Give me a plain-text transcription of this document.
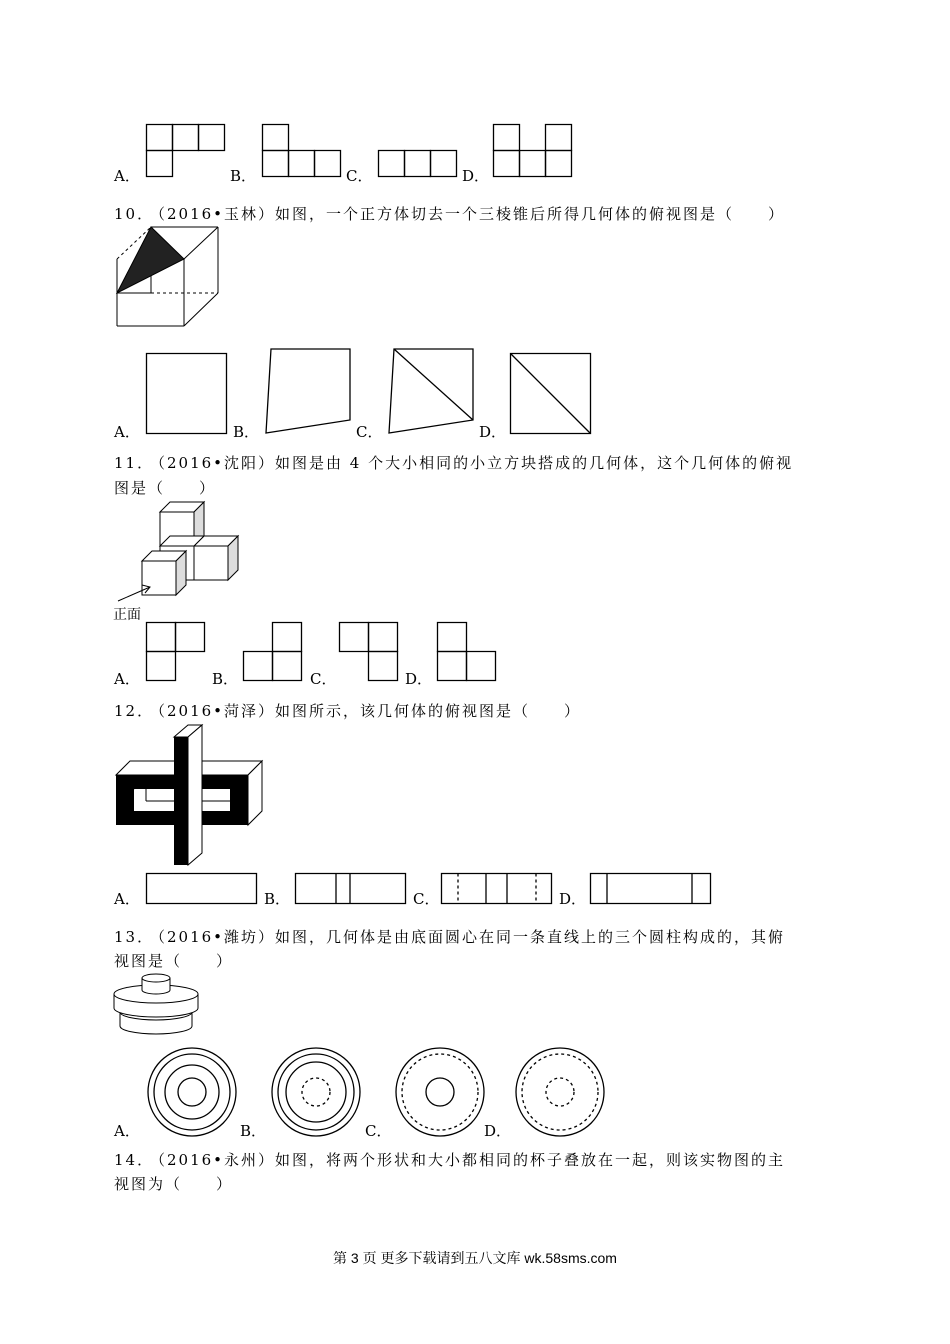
A．	B．	C．	D．
10．
（2016•玉林）如图，一个正方体切去一个三棱锥后所得几何体的俯视图是（　　）
A．	B．	C．	D．
11．
（2016•沈阳）如图是由 4 个大小相同的小立方块搭成的几何体，这个几何体的俯视
图是（　　）
正面
A．	B．	C．	D．
12．
（2016•菏泽）如图所示，该几何体的俯视图是（　　）
A．	B．	C．	D．
13．
（2016•潍坊）如图，几何体是由底面圆心在同一条直线上的三个圆柱构成的，其俯
视图是（　　）
A．	B．	C．	D．
14．
（2016•永州）如图，将两个形状和大小都相同的杯子叠放在一起，则该实物图的主
视图为（　　）
第 3 页 更多下载请到五八文库 wk.58sms.com
